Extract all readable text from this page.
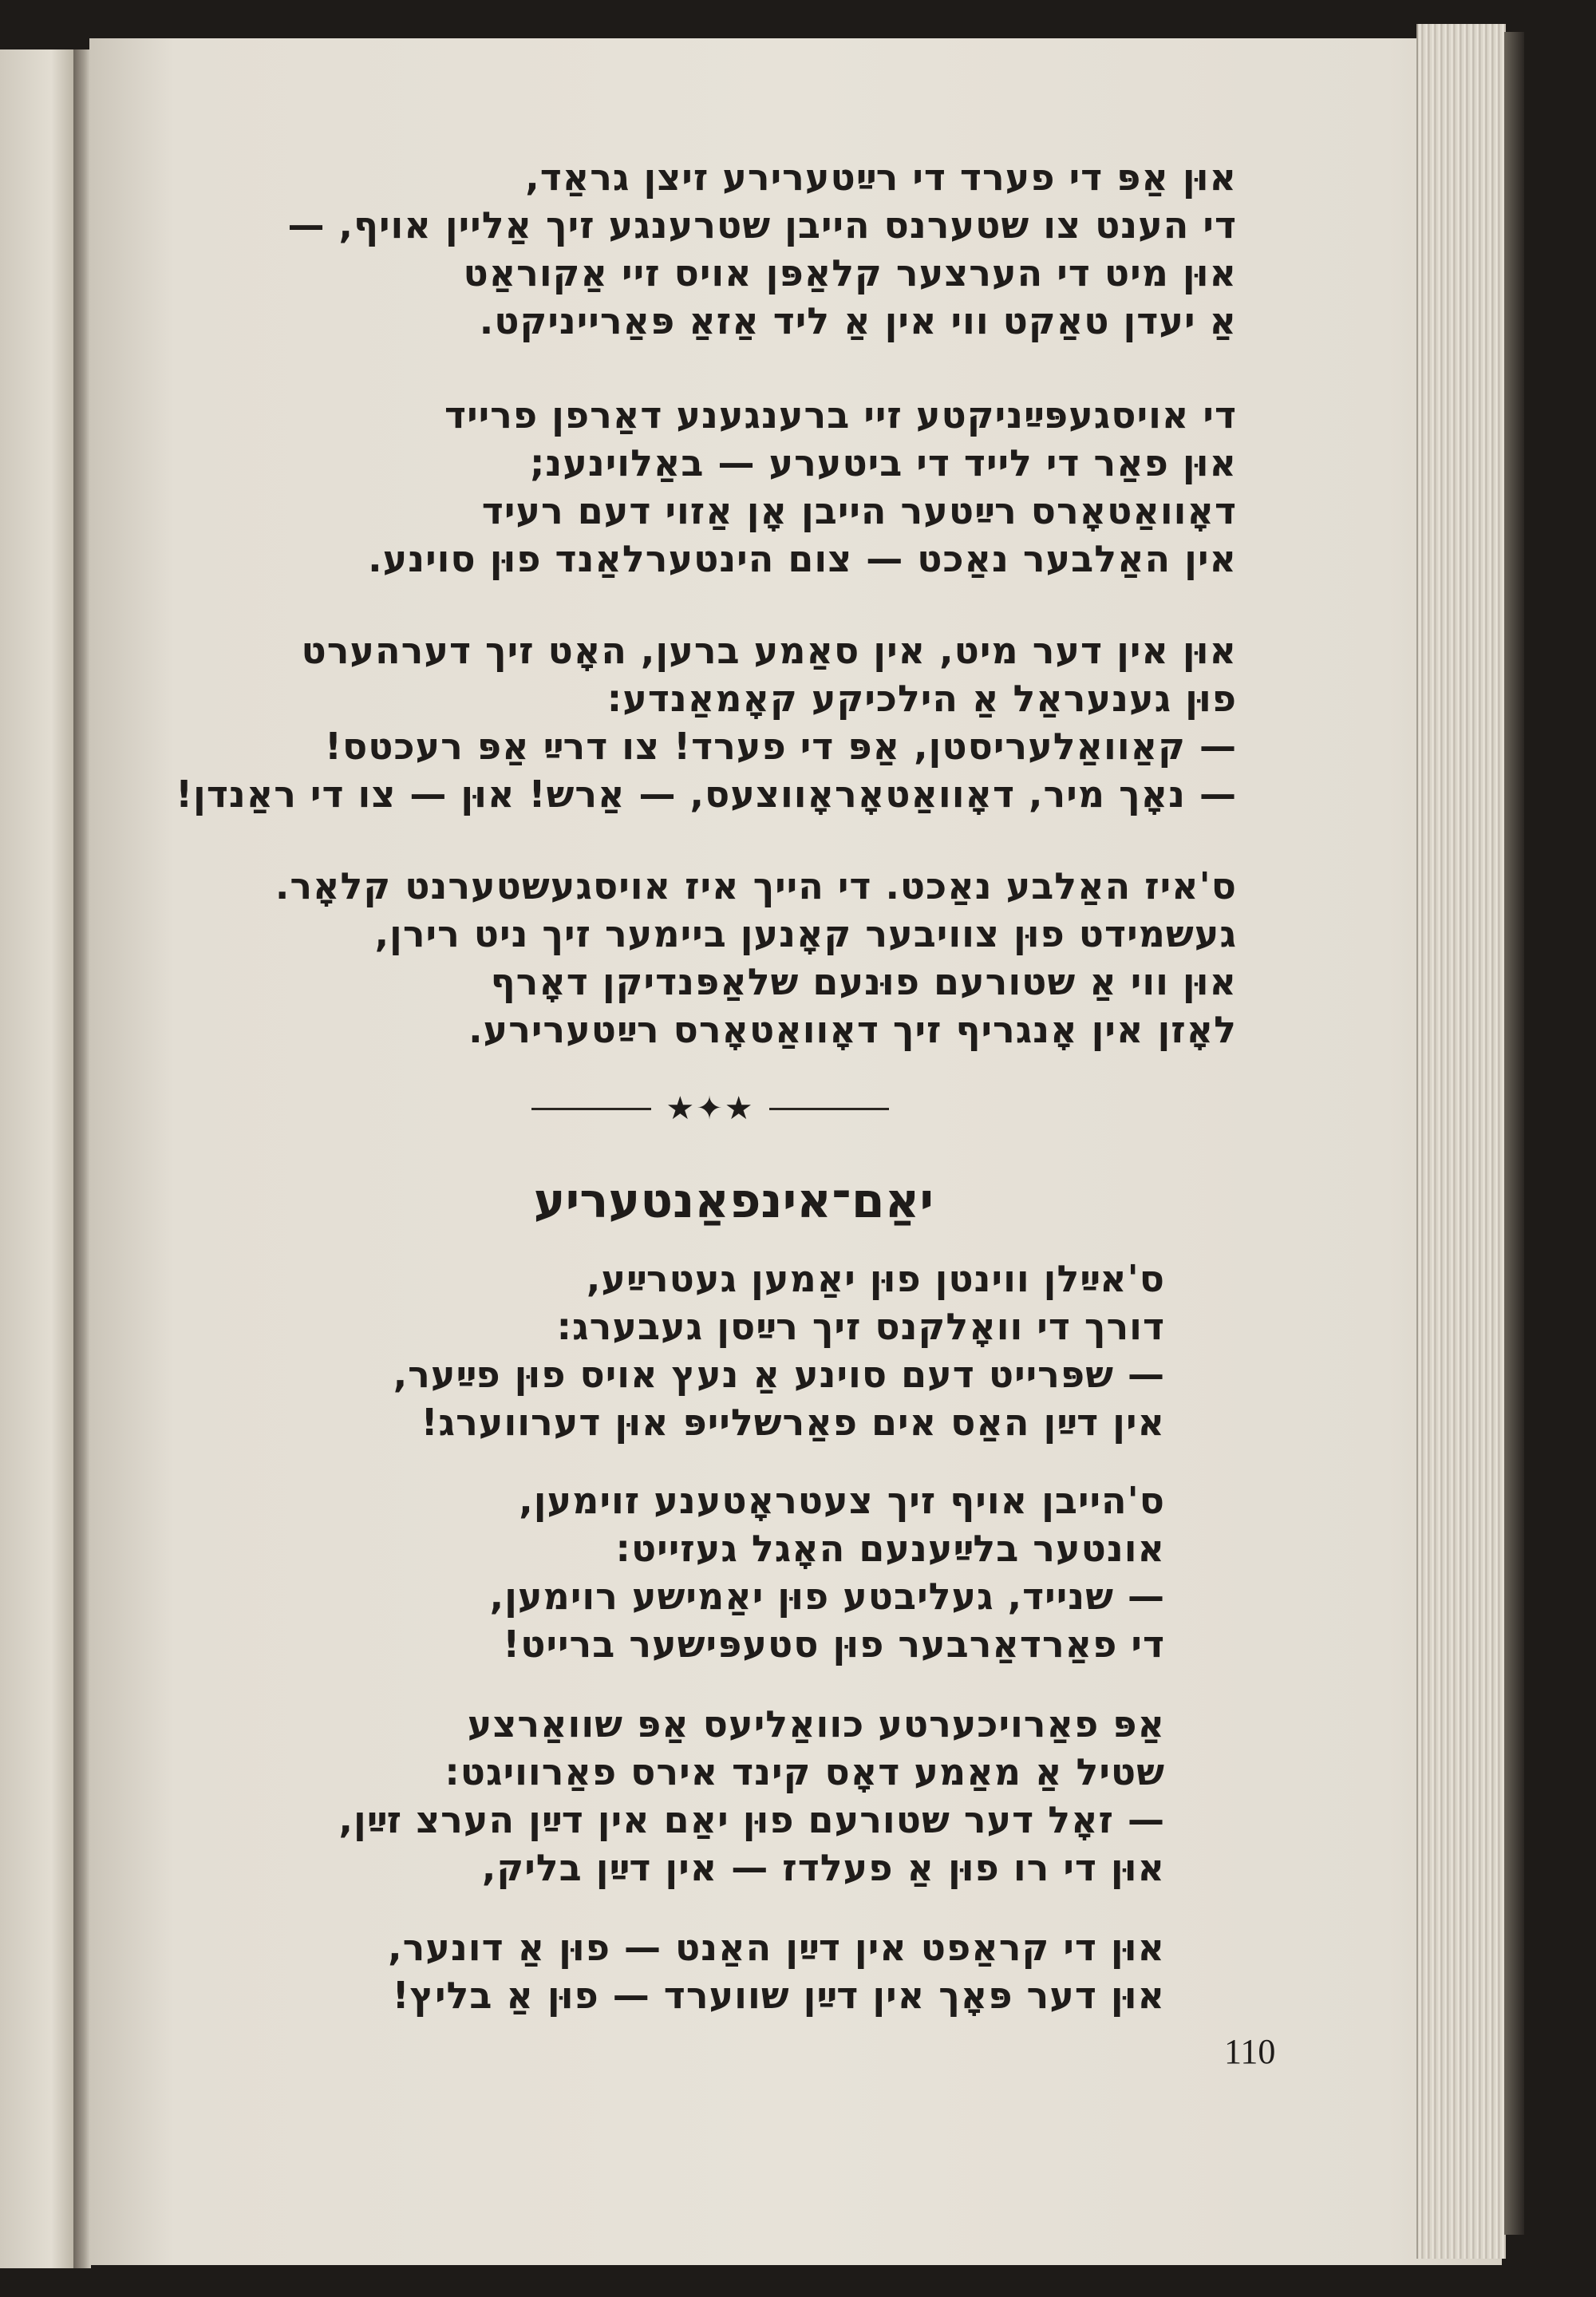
אוּן אַפּ די פערד די רײַטערירע זיצן גראַד,
די הענט צו שטערנס הייבן שטרענגע זיך אַליין אויף, —
אוּן מיט די הערצער קלאַפּן אויס זיי אַקוראַט
אַ יעדן טאַקט ווי אין אַ ליד אַזאַ פּאַרייניקט.
די אויסגעפּײַניקטע זיי ברענגענע דאַרפן פרייד
אוּן פאַר די לייד די ביטערע — באַלוינענ;
דאָוואַטאָרס רײַטער הייבן אָן אַזוי דעם רעיד
אין האַלבער נאַכט — צום הינטערלאַנד פוּן סוינע.
אוּן אין דער מיט, אין סאַמע ברען, האָט זיך דערהערט
פוּן גענעראַל אַ הילכיקע קאָמאַנדע:
— קאַוואַלעריסטן, אַפּ די פערד! צו דרײַ אַפּ רעכטס!
— נאָך מיר, דאָוואַטאָראָווצעס, — אַרש! אוּן — צו די ראַנדן!
ס'איז האַלבע נאַכט. די הייך איז אויסגעשטערנט קלאָר.
געשמידט פוּן צוויבער קאָנען ביימער זיך ניט רירן,
אוּן ווי אַ שטורעם פוּנעם שלאַפּנדיקן דאָרף
לאָזן אין אָנגריף זיך דאָוואַטאָרס רײַטערירע.
★✦★
יאַם־אינפאַנטעריע
ס'אײַלן ווינטן פוּן יאַמען געטרײַע,
דורך די וואָלקנס זיך רײַסן געבערג:
— שפּרייט דעם סוינע אַ נעץ אויס פוּן פײַער,
אין דײַן האַס אים פאַרשלייפּ אוּן דערווערג!
ס'הייבן אויף זיך צעטראָטענע זוימען,
אונטער בלײַענעם האָגל געזייט:
— שנייד, געליבטע פוּן יאַמישע רוימען,
די פאַרדאַרבער פוּן סטעפּישער ברייט!
אַפּ פאַרויכערטע כוואַליעס אַפּ שוואַרצע
שטיל אַ מאַמע דאָס קינד אירס פאַרוויגט:
— זאָל דער שטורעם פוּן יאַם אין דײַן הערצ זײַן,
אוּן די רו פוּן אַ פעלדז — אין דײַן בליק,
אוּן די קראַפט אין דײַן האַנט — פוּן אַ דונער,
אוּן דער פּאָך אין דײַן שווערד — פוּן אַ בליץ!
110
